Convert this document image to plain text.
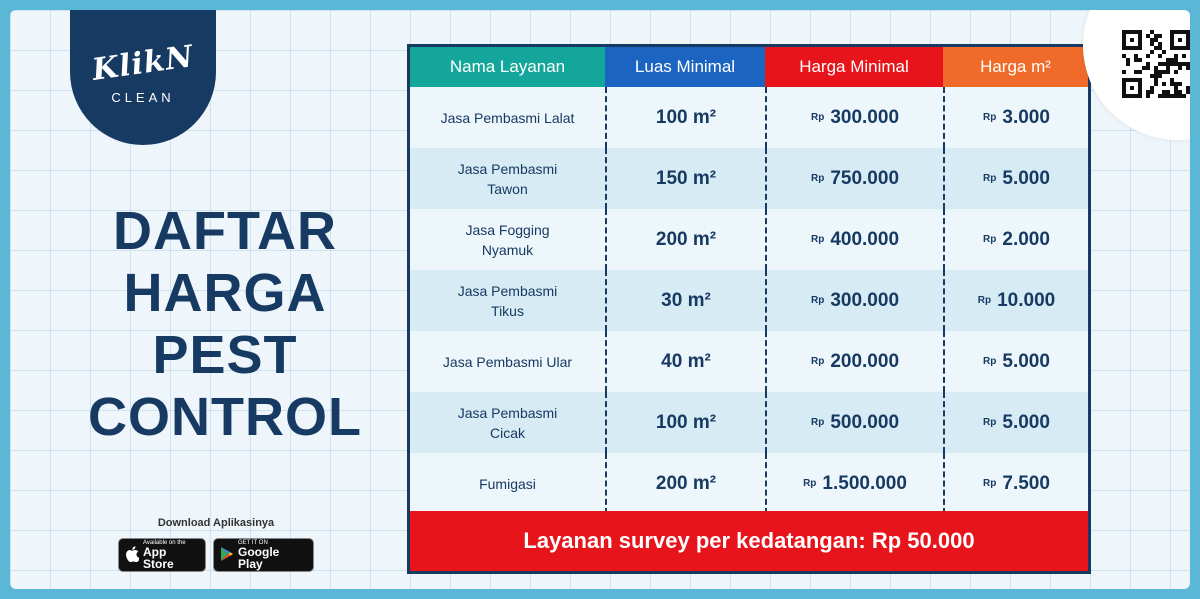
KlikN
CLEAN
DAFTAR
HARGA
PEST
CONTROL
Download Aplikasinya
Available on the
App Store
GET IT ON
Google Play
Nama Layanan	Luas Minimal	Harga Minimal	Harga m²
Jasa Pembasmi Lalat	100 m²	Rp 300.000	Rp 3.000
Jasa Pembasmi Tawon	150 m²	Rp 750.000	Rp 5.000
Jasa Fogging Nyamuk	200 m²	Rp 400.000	Rp 2.000
Jasa Pembasmi Tikus	30 m²	Rp 300.000	Rp 10.000
Jasa Pembasmi Ular	40 m²	Rp 200.000	Rp 5.000
Jasa Pembasmi Cicak	100 m²	Rp 500.000	Rp 5.000
Fumigasi	200 m²	Rp 1.500.000	Rp 7.500
Layanan survey per kedatangan: Rp 50.000
